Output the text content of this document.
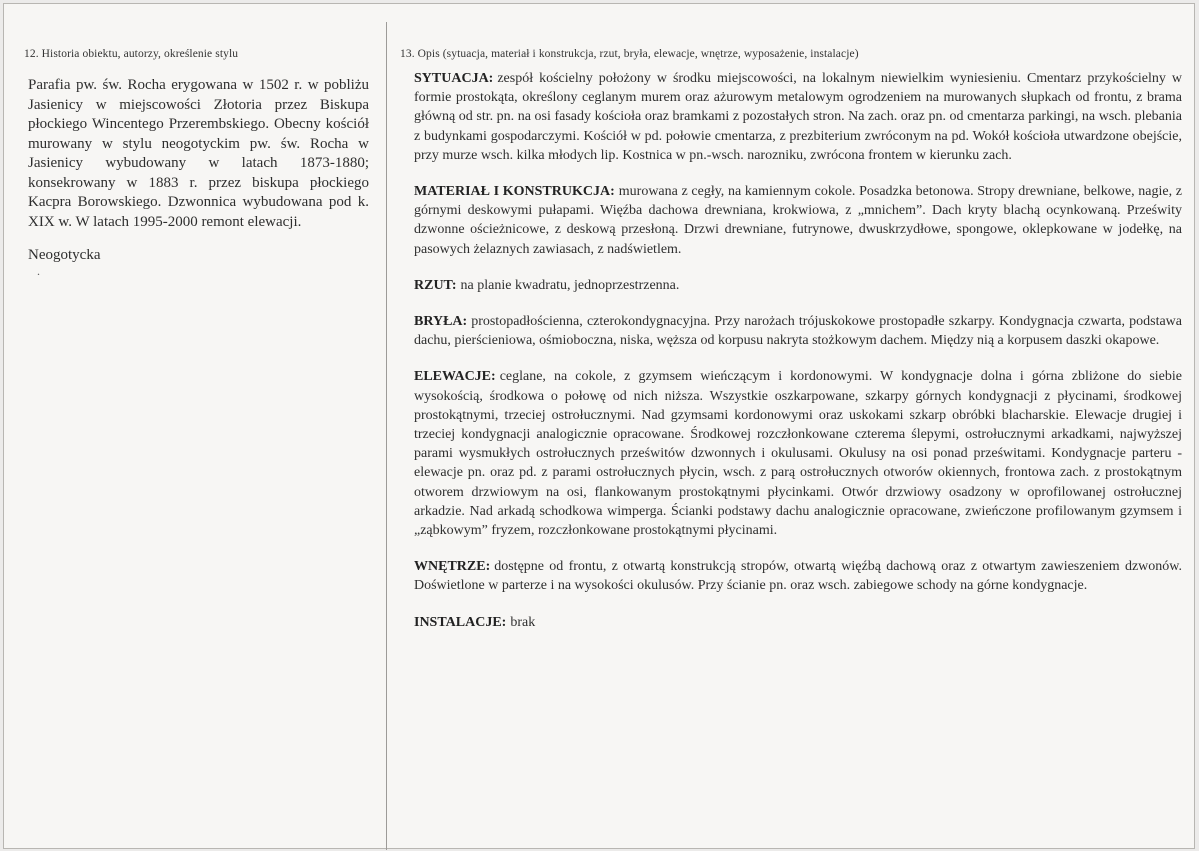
12. Historia obiektu, autorzy, określenie stylu

Parafia pw. św. Rocha erygowana w 1502 r. w pobliżu Jasienicy w miejscowości Złotoria przez Biskupa płockiego Wincentego Przerembskiego. Obecny kościół murowany w stylu neogotyckim pw. św. Rocha w Jasienicy wybudowany w latach 1873-1880; konsekrowany w 1883 r. przez biskupa płockiego Kacpra Borowskiego. Dzwonnica wybudowana pod k. XIX w. W latach 1995-2000 remont elewacji.

Neogotycka

.

13. Opis (sytuacja, materiał i konstrukcja, rzut, bryła, elewacje, wnętrze, wyposażenie, instalacje)

SYTUACJA: zespół kościelny położony w środku miejscowości, na lokalnym niewielkim wyniesieniu. Cmentarz przykościelny w formie prostokąta, określony ceglanym murem oraz ażurowym metalowym ogrodzeniem na murowanych słupkach od frontu, z brama główną od str. pn. na osi fasady kościoła oraz bramkami z pozostałych stron. Na zach. oraz pn. od cmentarza parkingi, na wsch. plebania z budynkami gospodarczymi. Kościół w pd. połowie cmentarza, z prezbiterium zwróconym na pd. Wokół kościoła utwardzone obejście, przy murze wsch. kilka młodych lip. Kostnica w pn.-wsch. narozniku, zwrócona frontem w kierunku zach.

MATERIAŁ I KONSTRUKCJA: murowana z cegły, na kamiennym cokole. Posadzka betonowa. Stropy drewniane, belkowe, nagie, z górnymi deskowymi pułapami. Więźba dachowa drewniana, krokwiowa, z „mnichem”. Dach kryty blachą ocynkowaną. Prześwity dzwonne ościeżnicowe, z deskową przesłoną. Drzwi drewniane, futrynowe, dwuskrzydłowe, spongowe, oklepkowane w jodełkę, na pasowych żelaznych zawiasach, z nadświetlem.

RZUT: na planie kwadratu, jednoprzestrzenna.

BRYŁA: prostopadłościenna, czterokondygnacyjna. Przy narożach trójuskokowe prostopadłe szkarpy. Kondygnacja czwarta, podstawa dachu, pierścieniowa, ośmioboczna, niska, węższa od korpusu nakryta stożkowym dachem. Między nią a korpusem daszki okapowe.

ELEWACJE: ceglane, na cokole, z gzymsem wieńczącym i kordonowymi. W kondygnacje dolna i górna zbliżone do siebie wysokością, środkowa o połowę od nich niższa. Wszystkie oszkarpowane, szkarpy górnych kondygnacji z płycinami, środkowej prostokątnymi, trzeciej ostrołucznymi. Nad gzymsami kordonowymi oraz uskokami szkarp obróbki blacharskie. Elewacje drugiej i trzeciej kondygnacji analogicznie opracowane. Środkowej rozczłonkowane czterema ślepymi, ostrołucznymi arkadkami, najwyższej parami wysmukłych ostrołucznych prześwitów dzwonnych i okulusami. Okulusy na osi ponad prześwitami. Kondygnacje parteru - elewacje pn. oraz pd. z parami ostrołucznych płycin, wsch. z parą ostrołucznych otworów okiennych, frontowa zach. z prostokątnym otworem drzwiowym na osi, flankowanym prostokątnymi płycinkami. Otwór drzwiowy osadzony w oprofilowanej ostrołucznej arkadzie. Nad arkadą schodkowa wimperga. Ścianki podstawy dachu analogicznie opracowane, zwieńczone profilowanym gzymsem i „ząbkowym” fryzem, rozczłonkowane prostokątnymi płycinami.

WNĘTRZE: dostępne od frontu, z otwartą konstrukcją stropów, otwartą więźbą dachową oraz z otwartym zawieszeniem dzwonów. Doświetlone w parterze i na wysokości okulusów. Przy ścianie pn. oraz wsch. zabiegowe schody na górne kondygnacje.

INSTALACJE: brak
